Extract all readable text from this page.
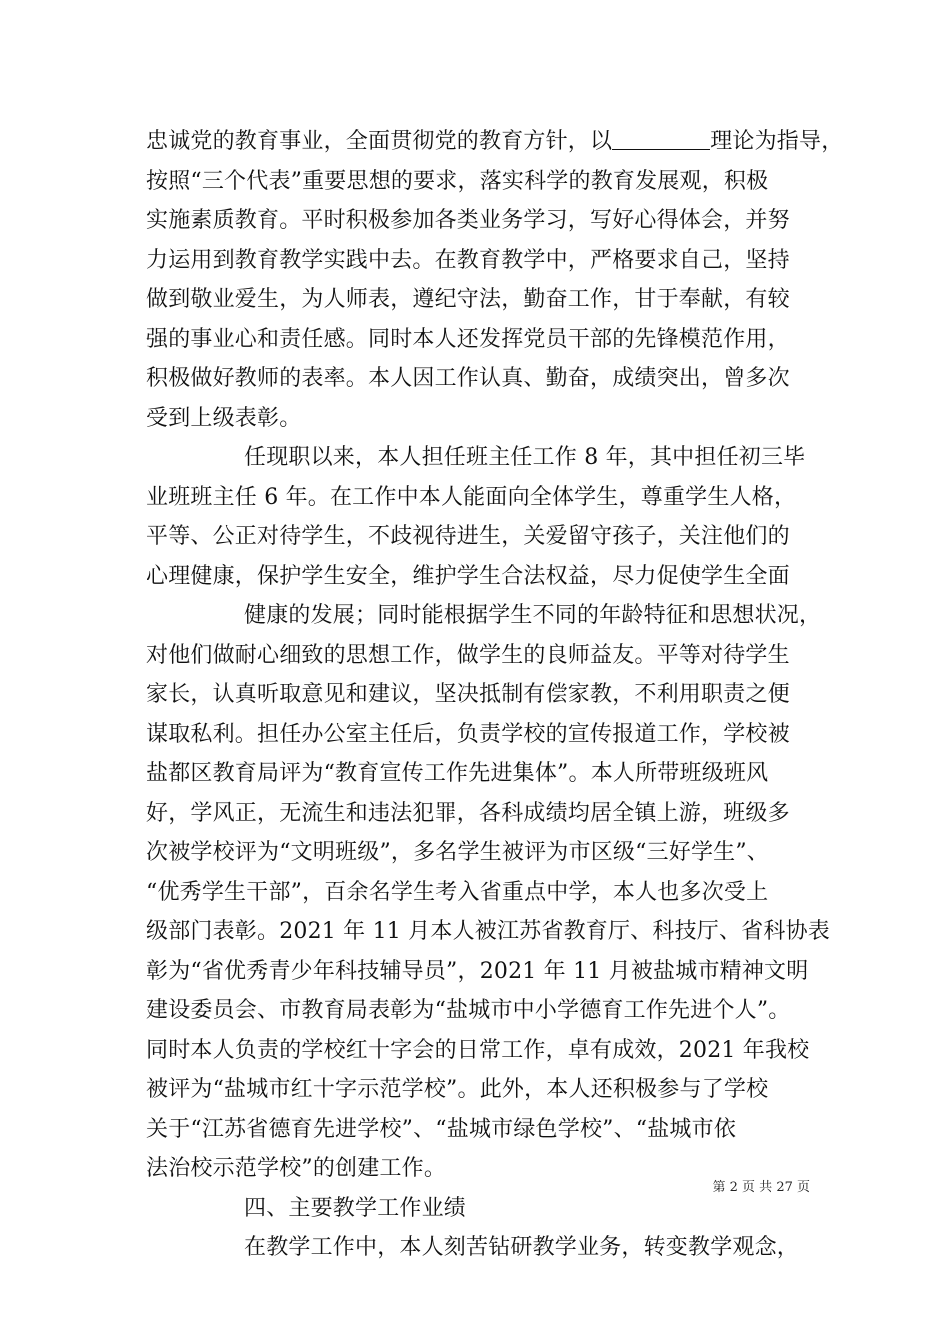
忠诚党的教育事业，全面贯彻党的教育方针，以	理论为指导，
按照“三个代表”重要思想的要求，落实科学的教育发展观，积极
实施素质教育。平时积极参加各类业务学习，写好心得体会，并努
力运用到教育教学实践中去。在教育教学中，严格要求自己，坚持
做到敬业爱生，为人师表，遵纪守法，勤奋工作，甘于奉献，有较
强的事业心和责任感。同时本人还发挥党员干部的先锋模范作用，
积极做好教师的表率。本人因工作认真、勤奋，成绩突出，曾多次
受到上级表彰。
任现职以来，本人担任班主任工作 8 年，其中担任初三毕
业班班主任 6 年。在工作中本人能面向全体学生，尊重学生人格，
平等、公正对待学生，不歧视待进生，关爱留守孩子，关注他们的
心理健康，保护学生安全，维护学生合法权益，尽力促使学生全面
健康的发展；同时能根据学生不同的年龄特征和思想状况，
对他们做耐心细致的思想工作，做学生的良师益友。平等对待学生
家长，认真听取意见和建议，坚决抵制有偿家教，不利用职责之便
谋取私利。担任办公室主任后，负责学校的宣传报道工作，学校被
盐都区教育局评为“教育宣传工作先进集体”。本人所带班级班风
好，学风正，无流生和违法犯罪，各科成绩均居全镇上游，班级多
次被学校评为“文明班级”，多名学生被评为市区级“三好学生”、
“优秀学生干部”，百余名学生考入省重点中学，本人也多次受上
级部门表彰。2021 年 11 月本人被江苏省教育厅、科技厅、省科协表
彰为“省优秀青少年科技辅导员”，2021 年 11 月被盐城市精神文明
建设委员会、市教育局表彰为“盐城市中小学德育工作先进个人”。
同时本人负责的学校红十字会的日常工作，卓有成效，2021 年我校
被评为“盐城市红十字示范学校”。此外，本人还积极参与了学校
关于“江苏省德育先进学校”、“盐城市绿色学校”、“盐城市依
法治校示范学校”的创建工作。
四、主要教学工作业绩
在教学工作中，本人刻苦钻研教学业务，转变教学观念，
第 2 页 共 27 页
